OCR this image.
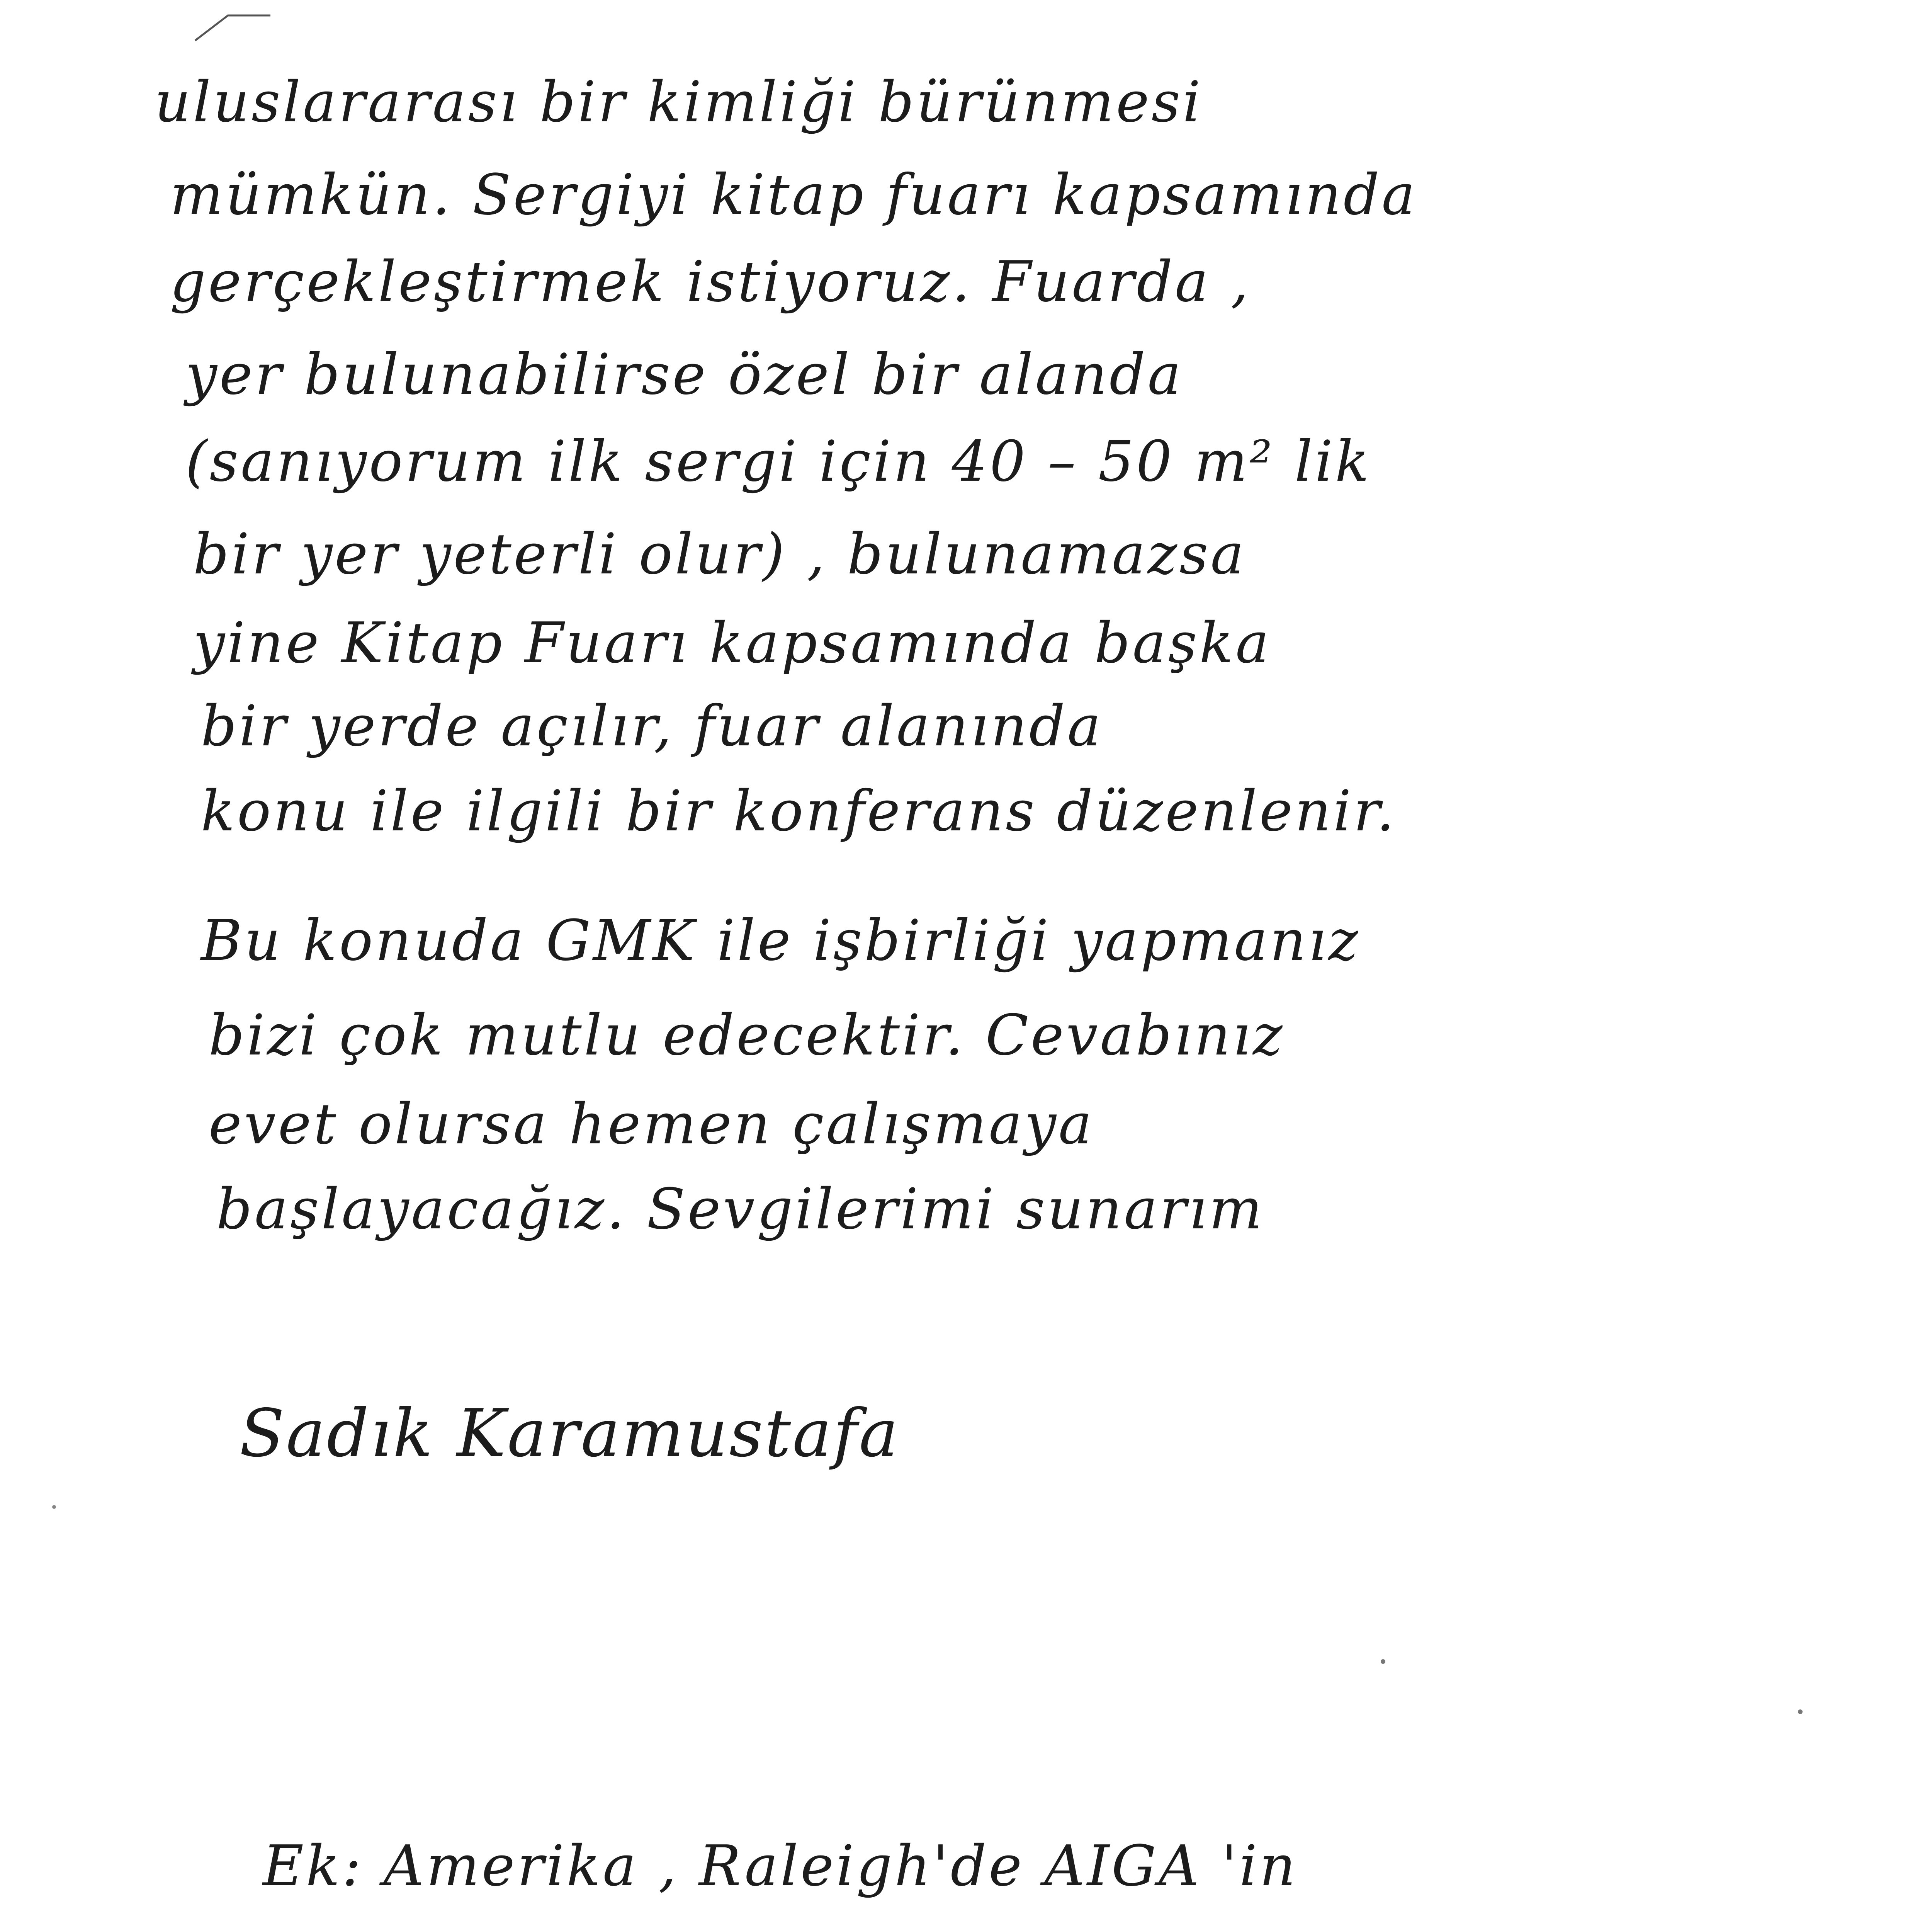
uluslararası bir kimliği bürünmesi
mümkün. Sergiyi kitap fuarı kapsamında
gerçekleştirmek istiyoruz. Fuarda ,
yer bulunabilirse özel bir alanda
(sanıyorum ilk sergi için 40 – 50 m² lik
bir yer yeterli olur) , bulunamazsa
yine Kitap Fuarı kapsamında başka
bir yerde açılır, fuar alanında
konu ile ilgili bir konferans düzenlenir.
Bu konuda GMK ile işbirliği yapmanız
bizi çok mutlu edecektir. Cevabınız
evet olursa hemen çalışmaya
başlayacağız. Sevgilerimi sunarım
Sadık Karamustafa
Ek: Amerika , Raleigh'de AIGA 'in
